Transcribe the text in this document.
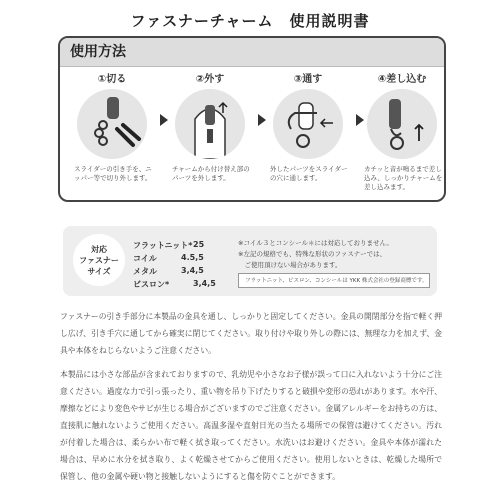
ファスナーチャーム　使用説明書
使用方法
①切る
スライダーの引き手を、ニッパー等で切り外します。
②外す
チャームから付け替え部のパーツを外します。
③通す
外したパーツをスライダーの穴に通します。
④差し込む
カチッと音が鳴るまで差し込み、しっかりチャームを差し込みます。
対応
ファスナー
サイズ
フラットニット* 25
コイル	4.5,5
メタル	3,4,5
ビスロン*	3,4,5
※コイル３とコンシール＊には対応しておりません。
※左記の規格でも、特殊な形状のファスナーでは、
　ご使用頂けない場合があります。
フラットニット、ビスロン、コンシールは YKK 株式会社の登録商標です。
ファスナーの引き手部分に本製品の金具を通し、しっかりと固定してください。金具の開閉部分を指で軽く押し広げ、引き手穴に通してから確実に閉じてください。取り付けや取り外しの際には、無理な力を加えず、金具や本体をねじらないようご注意ください。
本製品には小さな部品が含まれておりますので、乳幼児や小さなお子様が誤って口に入れないよう十分にご注意ください。過度な力で引っ張ったり、重い物を吊り下げたりすると破損や変形の恐れがあります。水や汗、摩擦などにより変色やサビが生じる場合がございますのでご注意ください。金属アレルギーをお持ちの方は、直接肌に触れないようご使用ください。高温多湿や直射日光の当たる場所での保管は避けてください。汚れが付着した場合は、柔らかい布で軽く拭き取ってください。水洗いはお避けください。金具や本体が濡れた場合は、早めに水分を拭き取り、よく乾燥させてからご使用ください。使用しないときは、乾燥した場所で保管し、他の金属や硬い物と接触しないようにすると傷を防ぐことができます。
